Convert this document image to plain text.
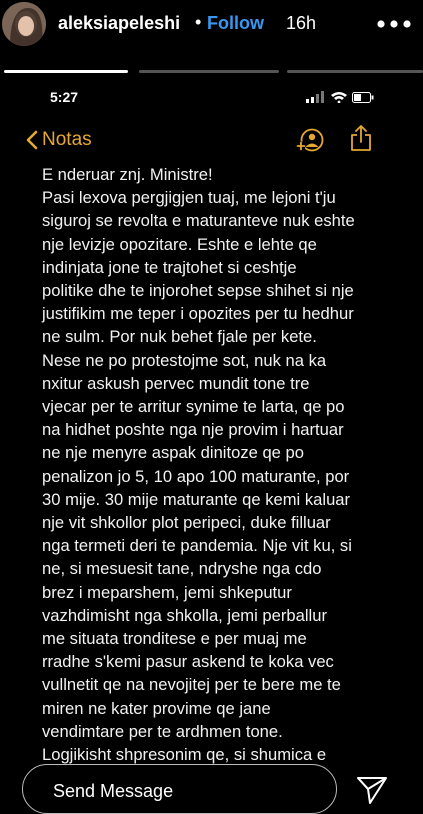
aleksiapeleshi • Follow 16h
5:27
Notas
E nderuar znj. Ministre!
Pasi lexova pergjigjen tuaj, me lejoni t'ju
siguroj se revolta e maturanteve nuk eshte
nje levizje opozitare. Eshte e lehte qe
indinjata jone te trajtohet si ceshtje
politike dhe te injorohet sepse shihet si nje
justifikim me teper i opozites per tu hedhur
ne sulm. Por nuk behet fjale per kete.
Nese ne po protestojme sot, nuk na ka
nxitur askush pervec mundit tone tre
vjecar per te arritur synime te larta, qe po
na hidhet poshte nga nje provim i hartuar
ne nje menyre aspak dinitoze qe po
penalizon jo 5, 10 apo 100 maturante, por
30 mije. 30 mije maturante qe kemi kaluar
nje vit shkollor plot peripeci, duke filluar
nga termeti deri te pandemia. Nje vit ku, si
ne, si mesuesit tane, ndryshe nga cdo
brez i meparshem, jemi shkeputur
vazhdimisht nga shkolla, jemi perballur
me situata tronditese e per muaj me
rradhe s'kemi pasur askend te koka vec
vullnetit qe na nevojitej per te bere me te
miren ne kater provime qe jane
vendimtare per te ardhmen tone.
Logjikisht shpresonim qe, si shumica e
Send Message
